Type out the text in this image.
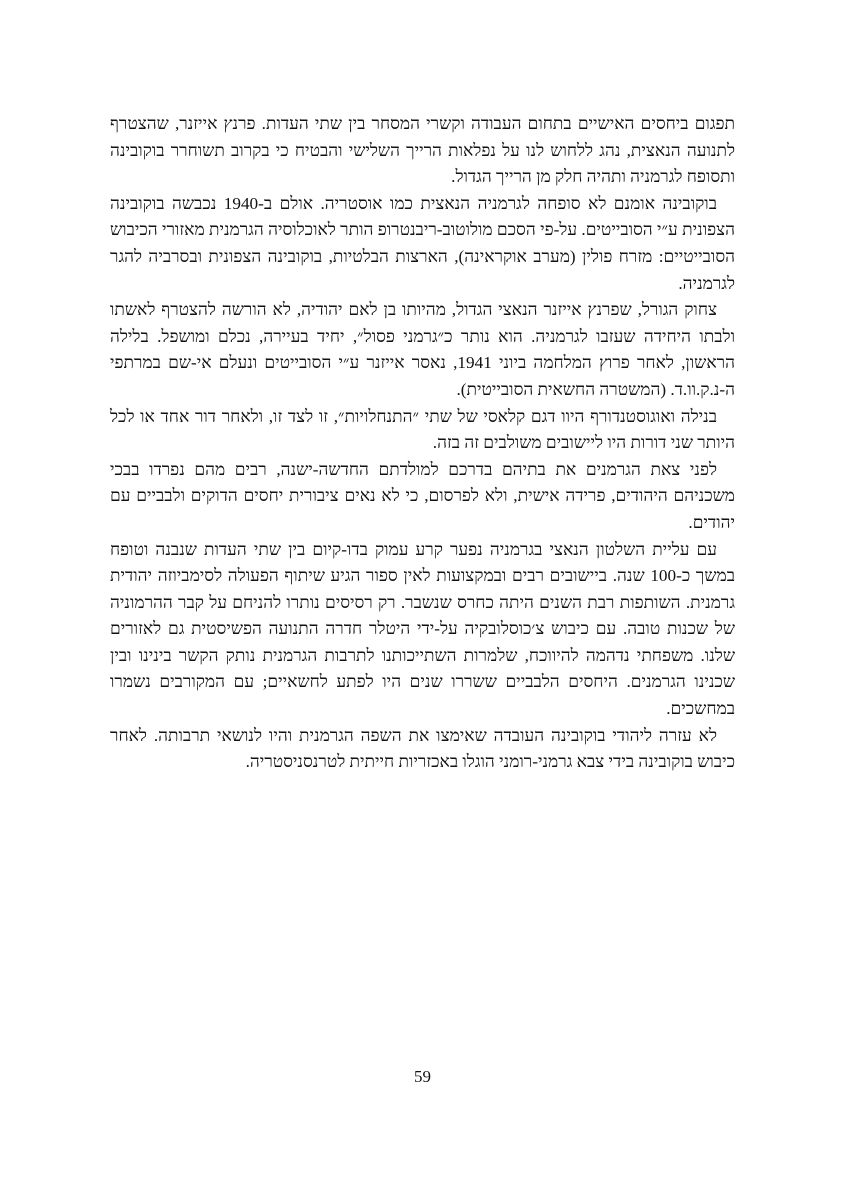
תפגום ביחסים האישיים בתחום העבודה וקשרי המסחר בין שתי העדות. פרנץ אייזנר, שהצטרף לתנועה הנאצית, נהג ללחוש לנו על נפלאות הרייך השלישי והבטיח כי בקרוב תשוחרר בוקובינה ותסופח לגרמניה ותהיה חלק מן הרייך הגדול.

בוקובינה אומנם לא סופחה לגרמניה הנאצית כמו אוסטריה. אולם ב-1940 נכבשה בוקובינה הצפונית ע״י הסובייטים. על-פי הסכם מולוטוב-ריבנטרופ הותר לאוכלוסיה הגרמנית מאזורי הכיבוש הסובייטיים: מזרח פולין (מערב אוקראינה), הארצות הבלטיות, בוקובינה הצפונית ובסרביה להגר לגרמניה.

צחוק הגורל, שפרנץ אייזנר הנאצי הגדול, מהיותו בן לאם יהודיה, לא הורשה להצטרף לאשתו ולבתו היחידה שעזבו לגרמניה. הוא נותר כ״גרמני פסול״, יחיד בעיירה, נכלם ומושפל. בלילה הראשון, לאחר פרוץ המלחמה ביוני 1941, נאסר אייזנר ע״י הסובייטים ונעלם אי-שם במרתפי ה-נ.ק.וו.ד. (המשטרה החשאית הסובייטית).

בנילה ואוגוסטנדורף היוו דגם קלאסי של שתי ״התנחלויות״, זו לצד זו, ולאחר דור אחד או לכל היותר שני דורות היו ליישובים משולבים זה בזה.

לפני צאת הגרמנים את בתיהם בדרכם למולדתם החדשה-ישנה, רבים מהם נפרדו בבכי משכניהם היהודים, פרידה אישית, ולא לפרסום, כי לא נאים ציבורית יחסים הדוקים ולבביים עם יהודים.

עם עליית השלטון הנאצי בגרמניה נפער קרע עמוק בדו-קיום בין שתי העדות שנבנה וטופח במשך כ-100 שנה. ביישובים רבים ובמקצועות לאין ספור הגיע שיתוף הפעולה לסימביוזה יהודית גרמנית. השותפות רבת השנים היתה כחרס שנשבר. רק רסיסים נותרו להניחם על קבר ההרמוניה של שכנות טובה. עם כיבוש צ׳כוסלובקיה על-ידי היטלר חדרה התנועה הפשיסטית גם לאזורים שלנו. משפחתי נדהמה להיווכח, שלמרות השתייכותנו לתרבות הגרמנית נותק הקשר בינינו ובין שכנינו הגרמנים. היחסים הלבביים ששררו שנים היו לפתע לחשאיים; עם המקורבים נשמרו במחשכים.

לא עזרה ליהודי בוקובינה העובדה שאימצו את השפה הגרמנית והיו לנושאי תרבותה. לאחר כיבוש בוקובינה בידי צבא גרמני-רומני הוגלו באכזריות חייתית לטרנסניסטריה.

59
